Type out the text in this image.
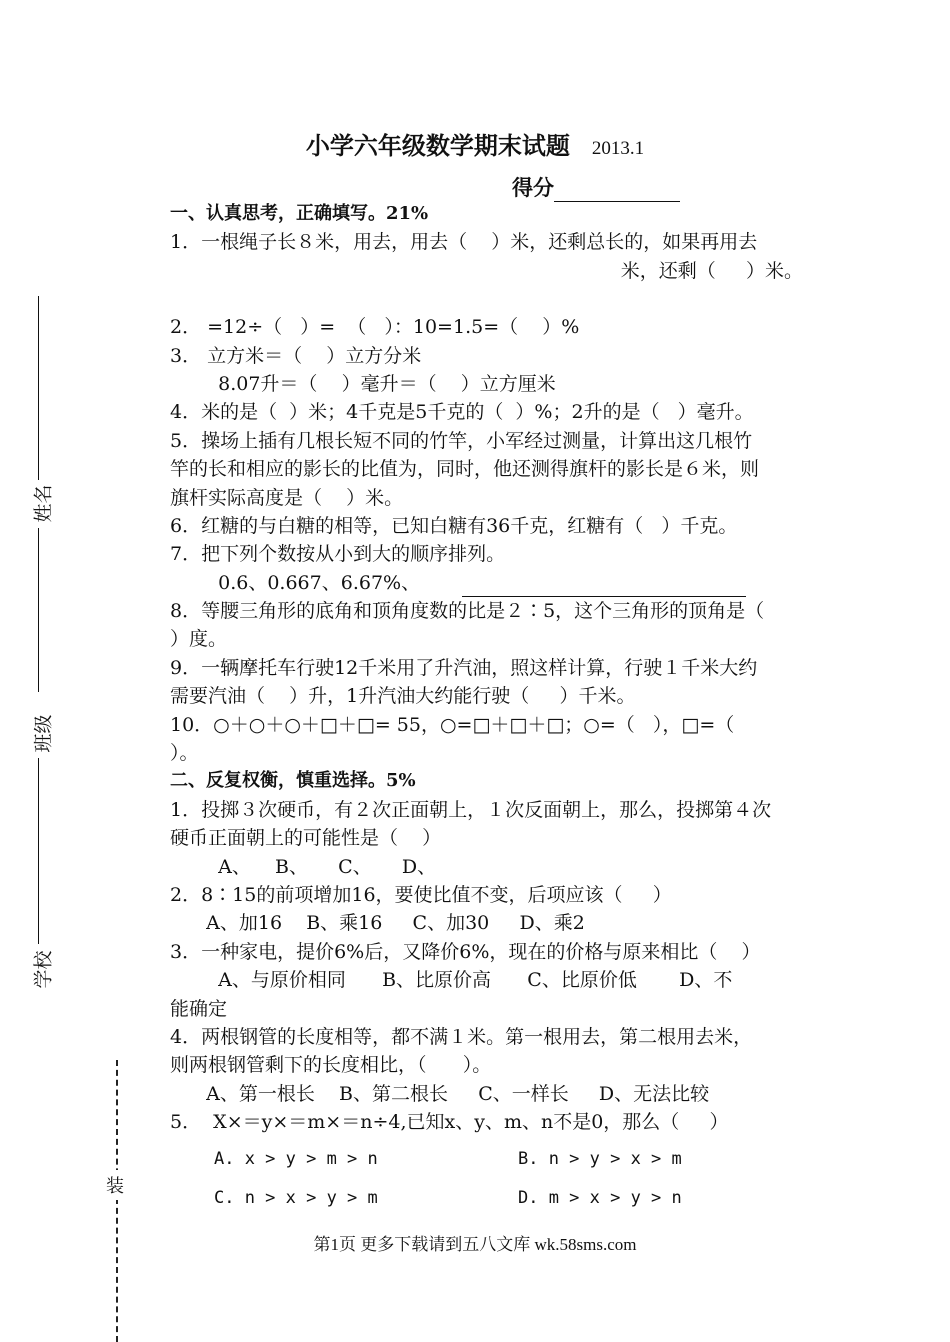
姓名
班级
学校
装
小学六年级数学期末试题 2013.1
得分
一、认真思考，正确填写。21%
1．一根绳子长８米，用去，用去（    ）米，还剩总长的，如果再用去
米，还剩（     ）米。
2． =12÷（   ）=  （   ）：10=1.5=（    ）%
3． 立方米＝（    ）立方分米
8.07升＝（    ）毫升＝（    ）立方厘米
4．米的是（  ）米；4千克是5千克的（  ）%；2升的是（   ）毫升。
5．操场上插有几根长短不同的竹竿，小军经过测量，计算出这几根竹
竿的长和相应的影长的比值为，同时，他还测得旗杆的影长是６米，则
旗杆实际高度是（    ）米。
6．红糖的与白糖的相等，已知白糖有36千克，红糖有（   ）千克。
7．把下列个数按从小到大的顺序排列。
0.6、0.667、6.67%、
8．等腰三角形的底角和顶角度数的比是２∶5，这个三角形的顶角是（
）度。
9．一辆摩托车行驶12千米用了升汽油，照这样计算，行驶１千米大约
需要汽油（    ）升，1升汽油大约能行驶（     ）千米。
10．○＋○＋○＋□＋□= 55，○=□＋□＋□；○=（   ），□=（
）。
二、反复权衡，慎重选择。5%
1．投掷３次硬币，有２次正面朝上，１次反面朝上，那么，投掷第４次
硬币正面朝上的可能性是（    ）
A、    B、     C、     D、
2．8∶15的前项增加16，要使比值不变，后项应该（     ）
A、加16    B、乘16     C、加30     D、乘2
3．一种家电，提价6%后，又降价6%，现在的价格与原来相比（    ）
A、与原价相同      B、比原价高      C、比原价低       D、不
能确定
4．两根钢管的长度相等，都不满１米。第一根用去，第二根用去米，
则两根钢管剩下的长度相比，（      ）。
A、第一根长    B、第二根长     C、一样长     D、无法比较
5．  X×＝y×＝m×＝n÷4,已知x、y、m、n不是0，那么（     ）
A. x > y > m > n	B. n > y > x > m
C. n > x > y > m	D. m > x > y > n
第1页 更多下载请到五八文库 wk.58sms.com
